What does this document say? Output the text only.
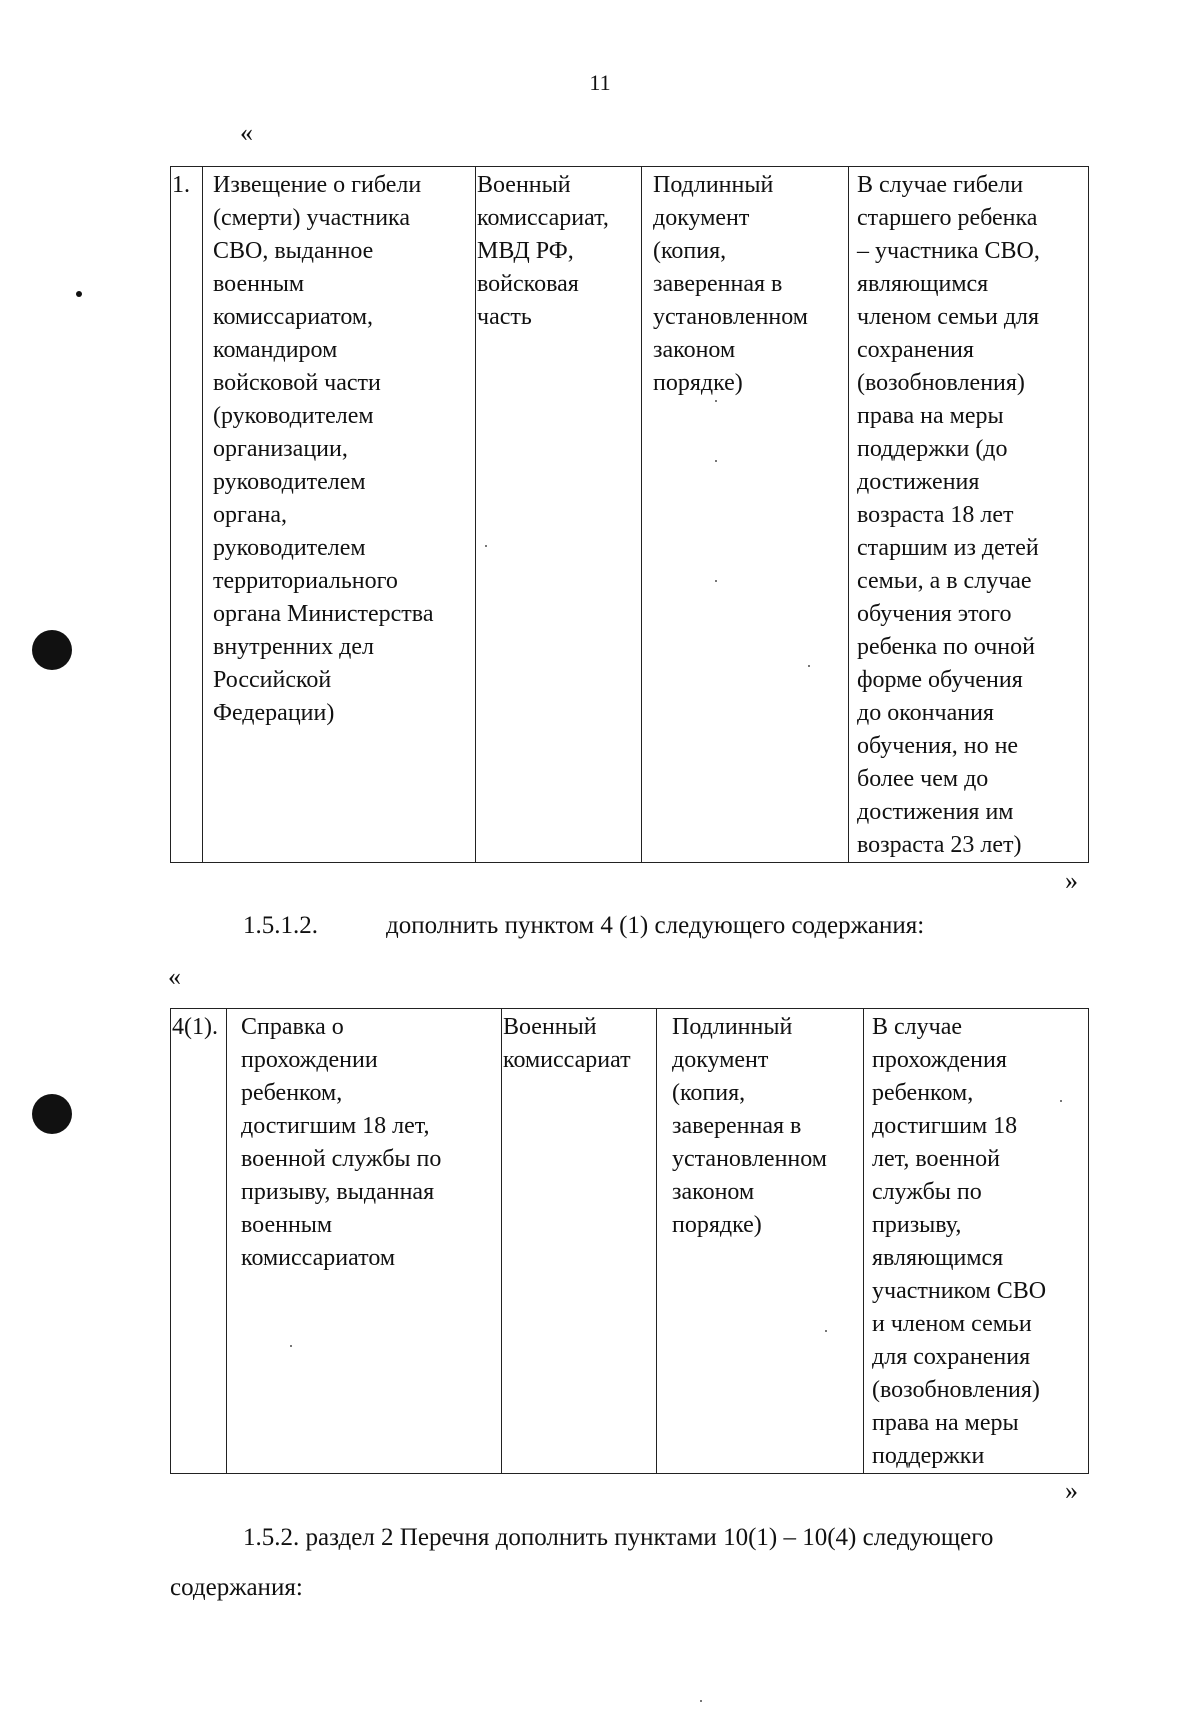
11
«
1.	Извещение о гибели
(смерти) участника
СВО, выданное
военным
комиссариатом,
командиром
войсковой части
(руководителем
организации,
руководителем
органа,
руководителем
территориального
органа Министерства
внутренних дел
Российской
Федерации)	Военный
комиссариат,
МВД РФ,
войсковая
часть	Подлинный
документ
(копия,
заверенная в
установленном
законом
порядке)	В случае гибели
старшего ребенка
– участника СВО,
являющимся
членом семьи для
сохранения
(возобновления)
права на меры
поддержки (до
достижения
возраста 18 лет
старшим из детей
семьи, а в случае
обучения этого
ребенка по очной
форме обучения
до окончания
обучения, но не
более чем до
достижения им
возраста 23 лет)
»
1.5.1.2.	дополнить пунктом 4 (1) следующего содержания:
«
4(1).	Справка о
прохождении
ребенком,
достигшим 18 лет,
военной службы по
призыву, выданная
военным
комиссариатом	Военный
комиссариат	Подлинный
документ
(копия,
заверенная в
установленном
законом
порядке)	В случае
прохождения
ребенком,
достигшим 18
лет, военной
службы по
призыву,
являющимся
участником СВО
и членом семьи
для сохранения
(возобновления)
права на меры
поддержки
»
1.5.2. раздел 2 Перечня дополнить пунктами 10(1) – 10(4) следующего
содержания:
